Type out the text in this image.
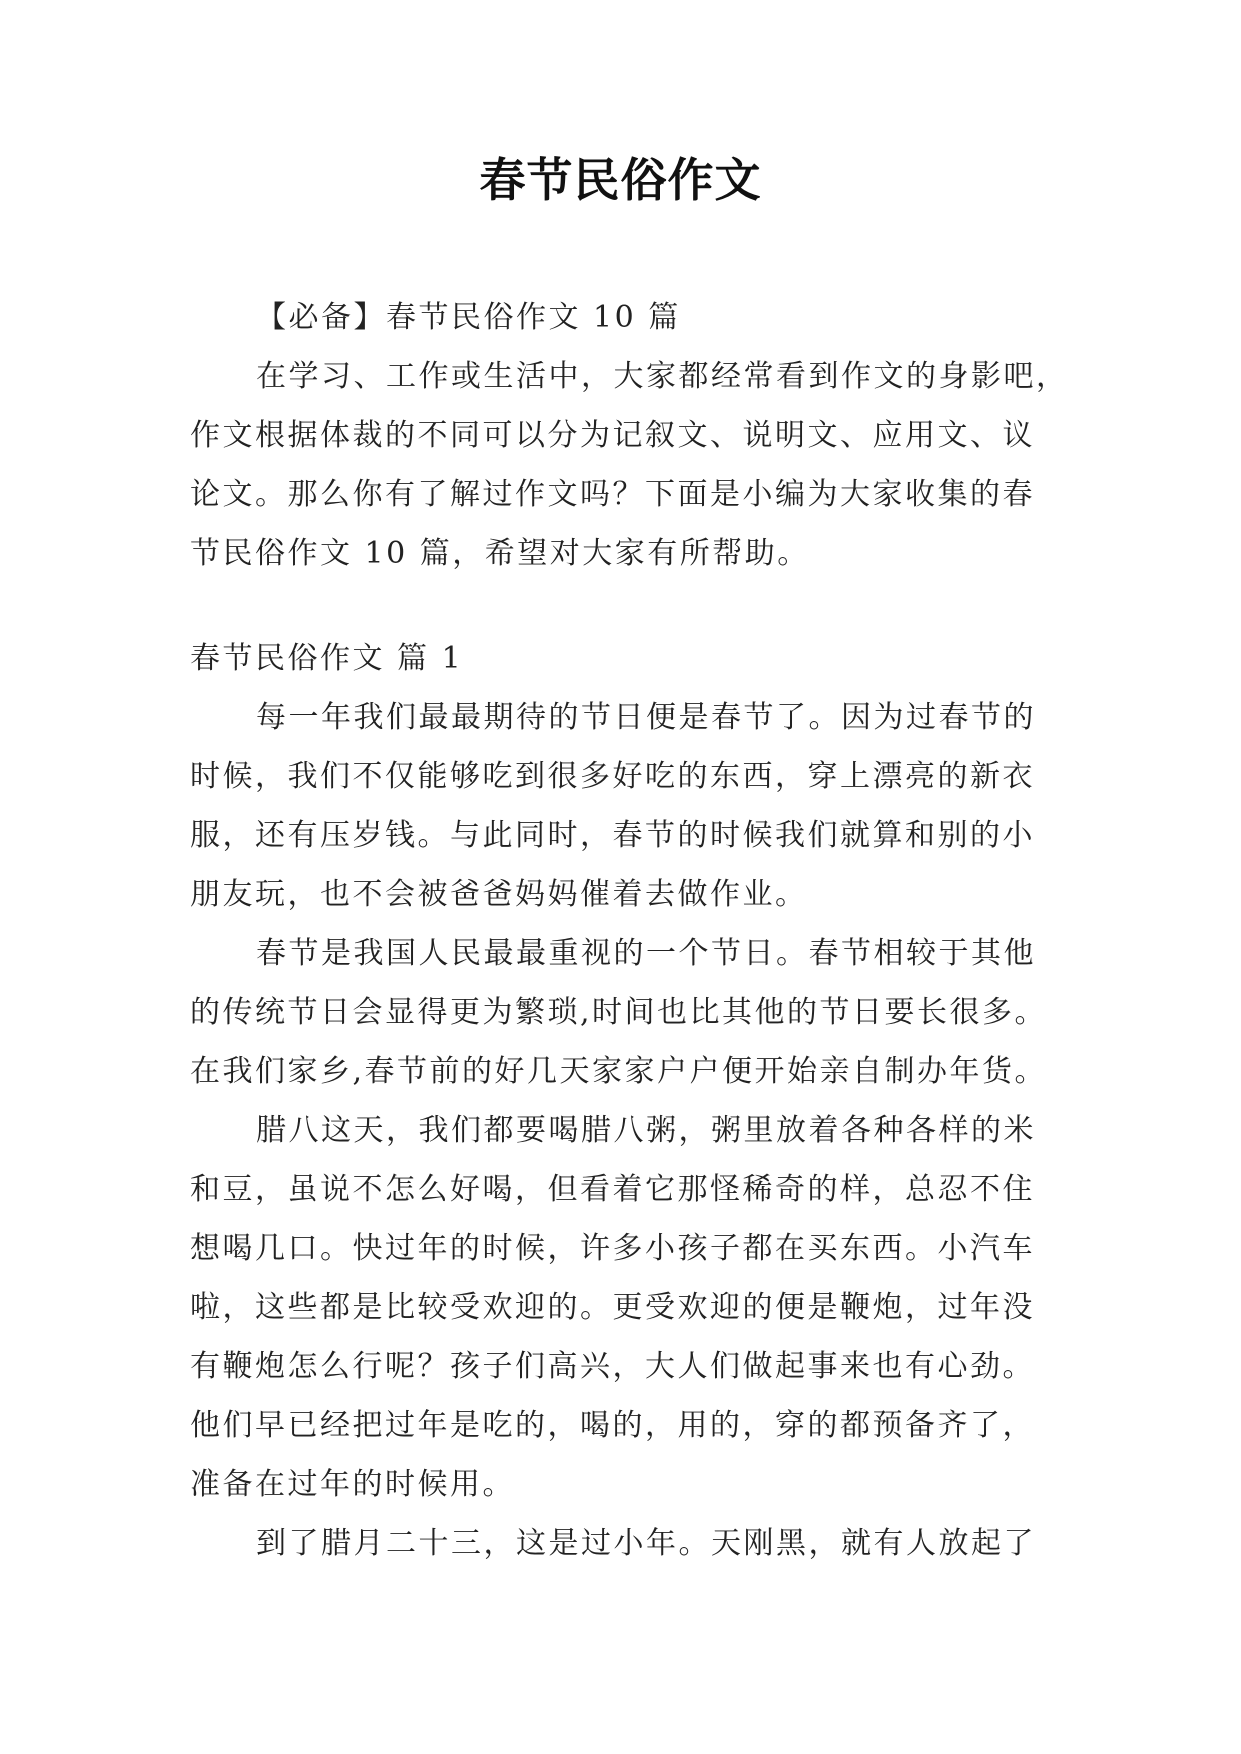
春节民俗作文
【必备】春节民俗作文 10 篇
在学习、工作或生活中，大家都经常看到作文的身影吧，
作文根据体裁的不同可以分为记叙文、说明文、应用文、议
论文。那么你有了解过作文吗？下面是小编为大家收集的春
节民俗作文 10 篇，希望对大家有所帮助。
春节民俗作文 篇 1
每一年我们最最期待的节日便是春节了。因为过春节的
时候，我们不仅能够吃到很多好吃的东西，穿上漂亮的新衣
服，还有压岁钱。与此同时，春节的时候我们就算和别的小
朋友玩，也不会被爸爸妈妈催着去做作业。
春节是我国人民最最重视的一个节日。春节相较于其他
的传统节日会显得更为繁琐,时间也比其他的节日要长很多。
在我们家乡,春节前的好几天家家户户便开始亲自制办年货。
腊八这天，我们都要喝腊八粥，粥里放着各种各样的米
和豆，虽说不怎么好喝，但看着它那怪稀奇的样，总忍不住
想喝几口。快过年的时候，许多小孩子都在买东西。小汽车
啦，这些都是比较受欢迎的。更受欢迎的便是鞭炮，过年没
有鞭炮怎么行呢？孩子们高兴，大人们做起事来也有心劲。
他们早已经把过年是吃的，喝的，用的，穿的都预备齐了，
准备在过年的时候用。
到了腊月二十三，这是过小年。天刚黑，就有人放起了
